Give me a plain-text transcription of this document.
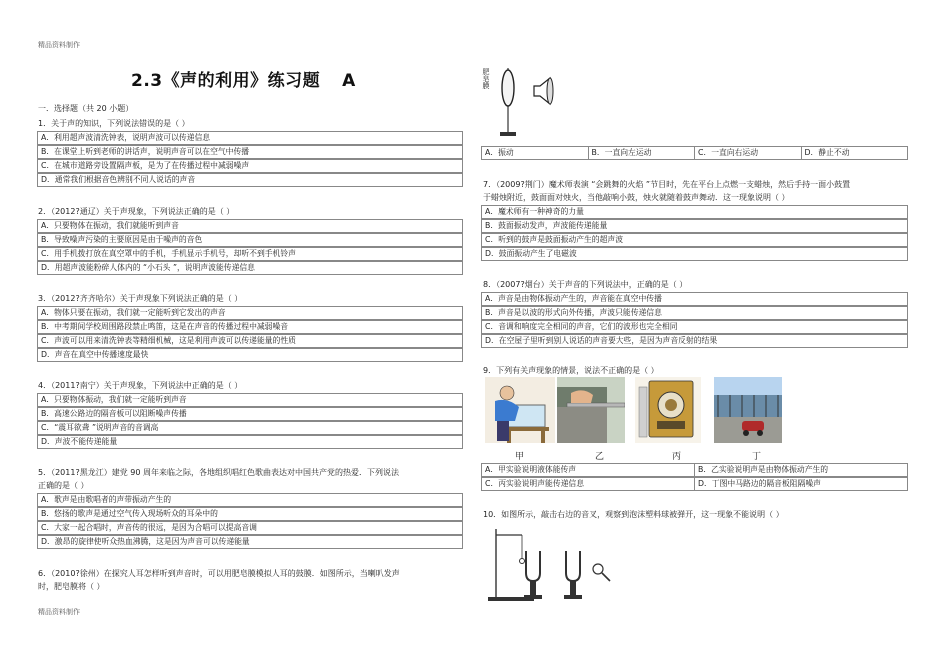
精品资料制作
精品资料制作
2.3《声的利用》练习题 A
一．选择题（共 20 小题）
1．关于声的知识，下列说法错误的是（ ）
A．利用超声波清洗钟表，说明声波可以传递信息
B．在课堂上听到老师的讲话声，说明声音可以在空气中传播
C．在城市道路旁设置隔声板，是为了在传播过程中减弱噪声
D．通常我们根据音色辨别不同人说话的声音
2．（2012?通辽）关于声现象，下列说法正确的是（ ）
A．只要物体在振动，我们就能听到声音
B．导致噪声污染的主要原因是由于噪声的音色
C．用手机拨打放在真空罩中的手机，手机显示手机号，却听不到手机铃声
D．用超声波能粉碎人体内的 “小石头 ”，说明声波能传递信息
3．（2012?齐齐哈尔）关于声现象下列说法正确的是（ ）
A．物体只要在振动，我们就一定能听到它发出的声音
B．中考期间学校周围路段禁止鸣笛，这是在声音的传播过程中减弱噪音
C．声波可以用来清洗钟表等精细机械，这是利用声波可以传递能量的性质
D．声音在真空中传播速度最快
4．（2011?南宁）关于声现象，下列说法中正确的是（ ）
A．只要物体振动，我们就一定能听到声音
B．高速公路边的隔音板可以阻断噪声传播
C．“震耳欲聋 ”说明声音的音调高
D．声波不能传递能量
5．（2011?黑龙江）建党 90 周年来临之际，各地组织唱红色歌曲表达对中国共产党的热爱．下列说法
正确的是（ ）
A．歌声是由歌唱者的声带振动产生的
B．悠扬的歌声是通过空气传入现场听众的耳朵中的
C．大家一起合唱时，声音传的很远，是因为合唱可以提高音调
D．激昂的旋律使听众热血沸腾，这是因为声音可以传递能量
6．（2010?徐州）在探究人耳怎样听到声音时，可以用肥皂膜模拟人耳的鼓膜．如图所示，当喇叭发声
时，肥皂膜将（ ）
肥皂膜
A．振动	B．一直向左运动	C．一直向右运动	D．静止不动
7．（2009?荆门）魔术师表演 “会跳舞的火焰 ”节目时，先在平台上点燃一支蜡烛，然后手持一面小鼓置
于蜡烛附近，鼓面面对烛火，当他敲响小鼓，烛火就随着鼓声舞动．这一现象说明（ ）
A．魔术师有一种神奇的力量
B．鼓面振动发声，声波能传递能量
C．听到的鼓声是鼓面振动产生的超声波
D．鼓面振动产生了电磁波
8．（2007?烟台）关于声音的下列说法中，正确的是（ ）
A．声音是由物体振动产生的，声音能在真空中传播
B．声音是以波的形式向外传播，声波只能传递信息
C．音调和响度完全相同的声音，它们的波形也完全相同
D．在空屋子里听到别人说话的声音要大些，是因为声音反射的结果
9．下列有关声现象的情景，说法不正确的是（ ）
甲	乙	丙	丁
A．甲实验说明液体能传声	B．乙实验说明声是由物体振动产生的
C．丙实验说明声能传递信息	D．丁图中马路边的隔音板阻隔噪声
10．如图所示，敲击右边的音叉，观察到泡沫塑料球被弹开，这一现象不能说明（ ）
